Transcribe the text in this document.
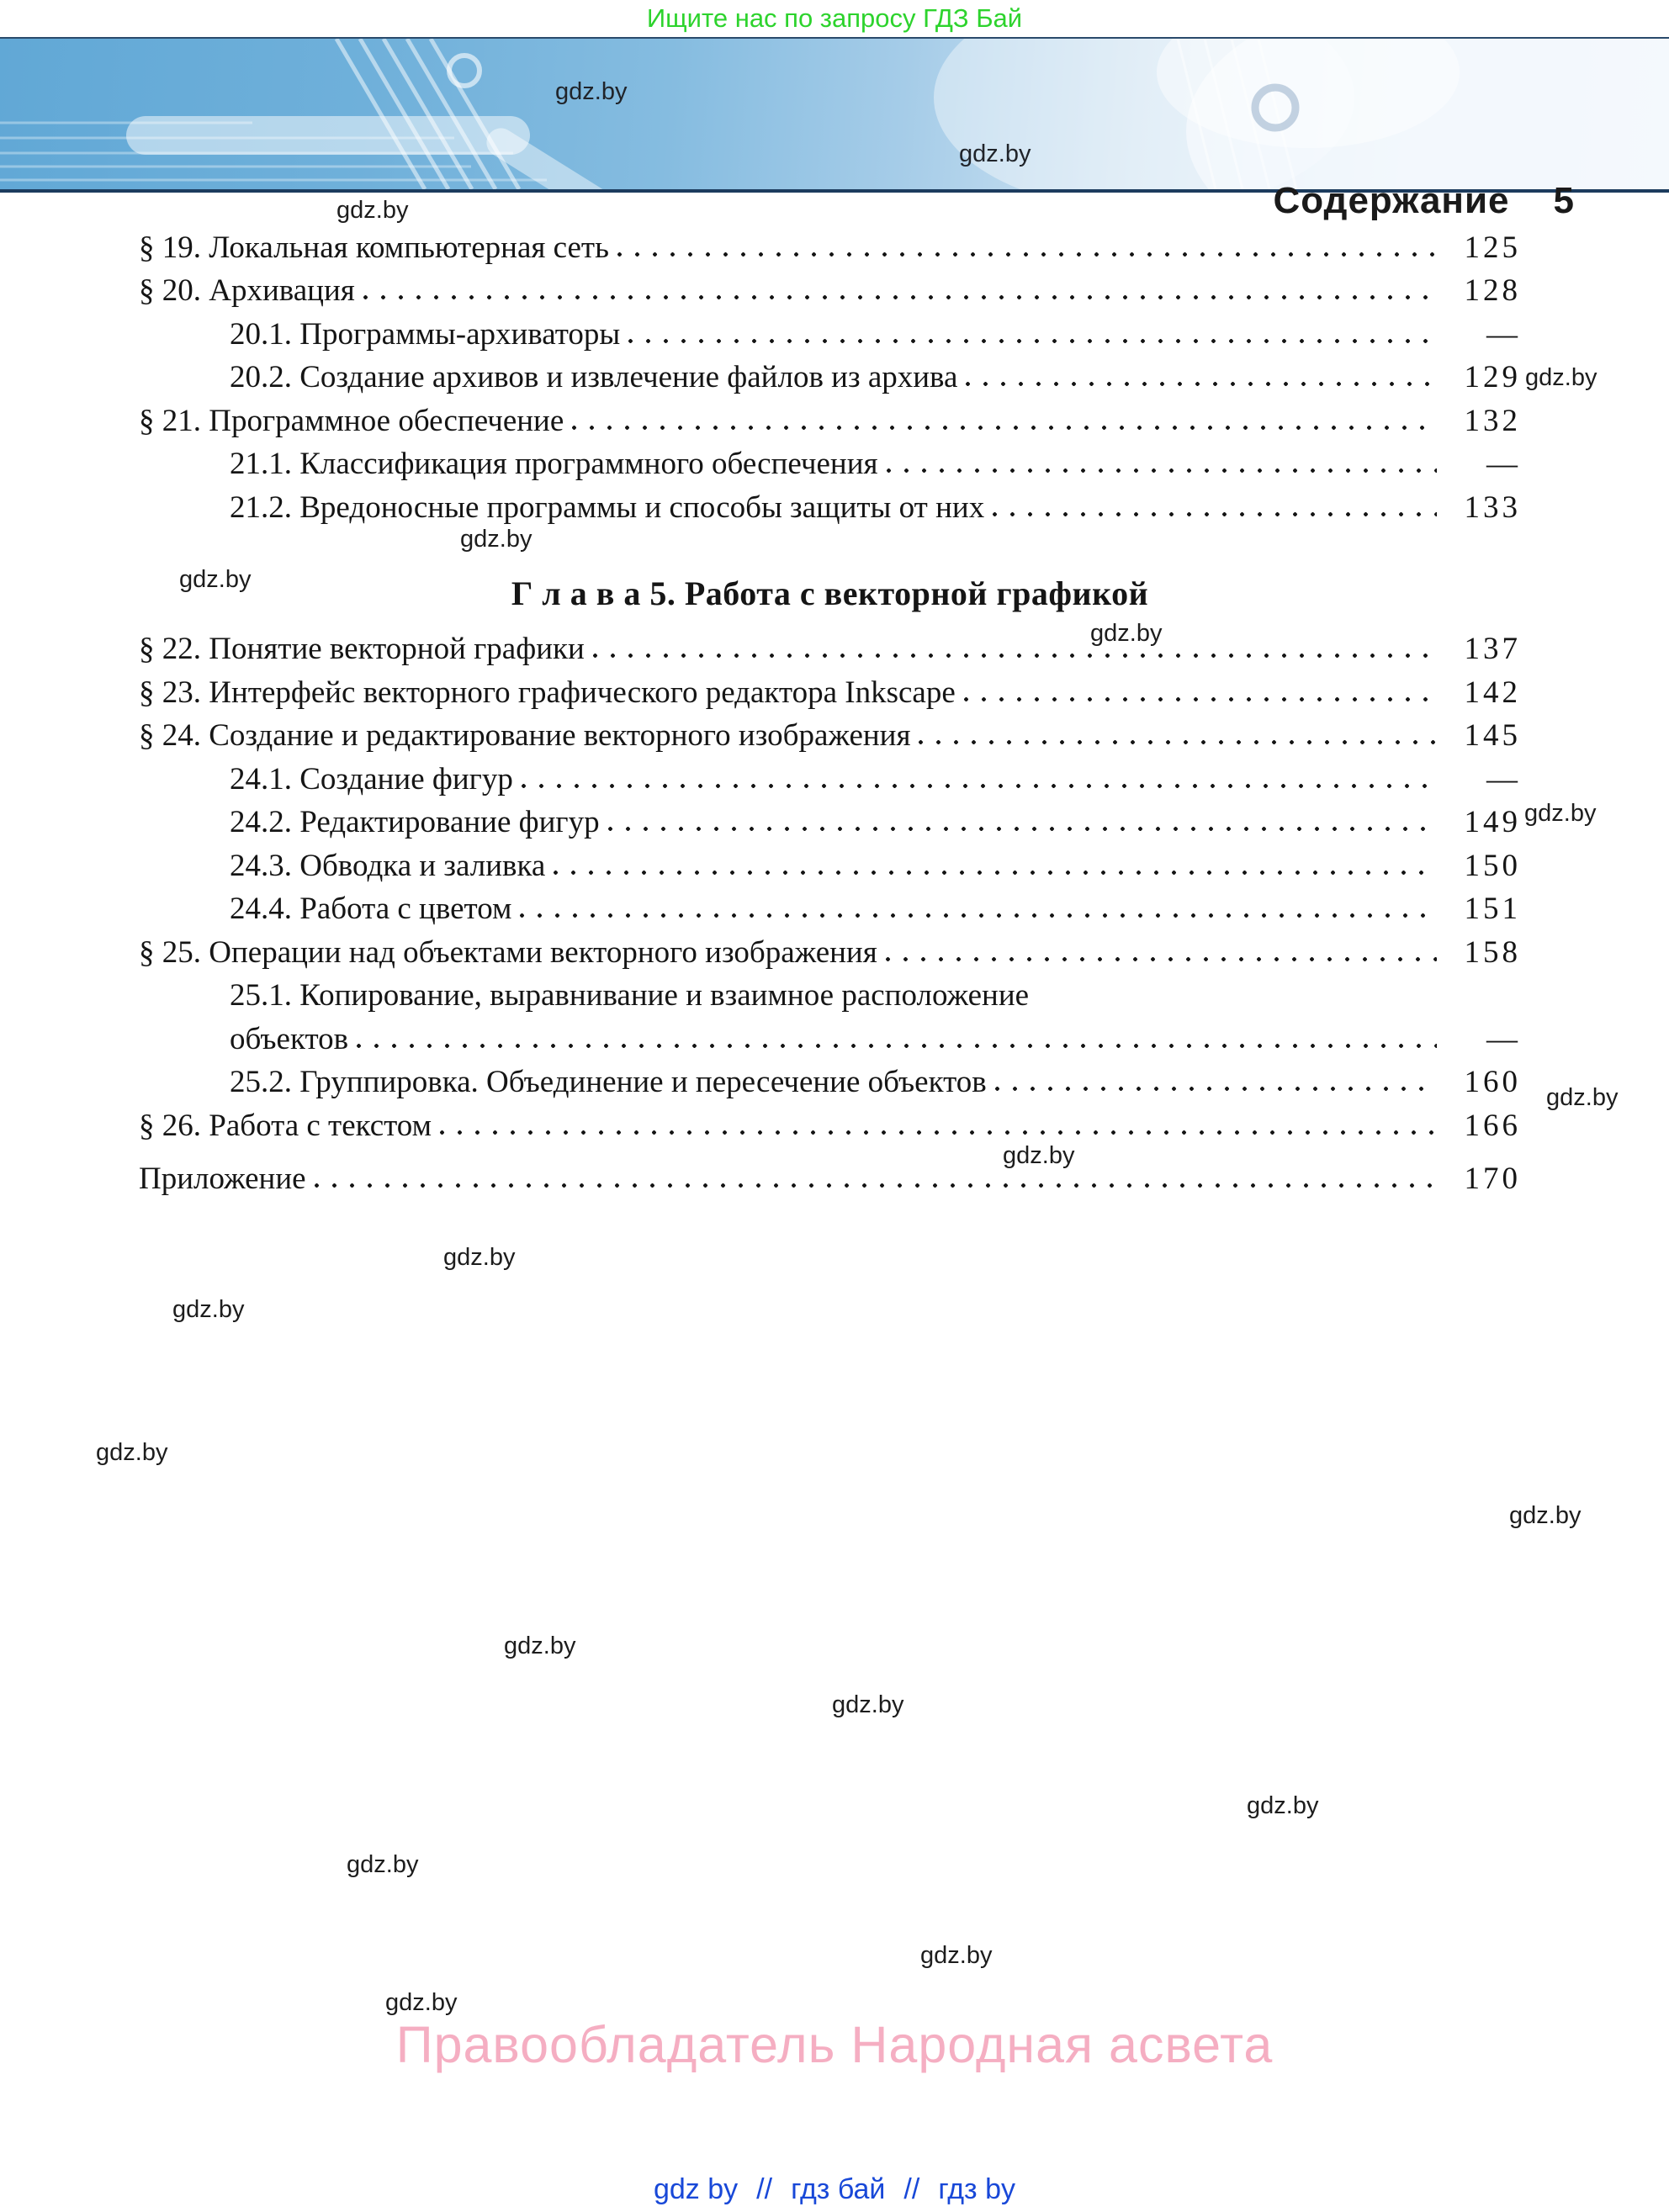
Ищите нас по запросу ГДЗ Бай
Содержание 5
gdz.by
gdz.by
gdz.by
gdz.by
gdz.by
gdz.by
gdz.by
gdz.by
gdz.by
gdz.by
gdz.by
gdz.by
gdz.by
gdz.by
gdz.by
gdz.by
gdz.by
gdz.by
gdz.by
gdz.by
§ 19. Локальная компьютерная сеть	125
§ 20. Архивация	128
20.1. Программы-архиваторы	—
20.2. Создание архивов и извлечение файлов из архива	129
§ 21. Программное обеспечение	132
21.1. Классификация программного обеспечения	—
21.2. Вредоносные программы и способы защиты от них	133
Г л а в а 5. Работа с векторной графикой
§ 22. Понятие векторной графики	137
§ 23. Интерфейс векторного графического редактора Inkscape	142
§ 24. Создание и редактирование векторного изображения	145
24.1. Создание фигур	—
24.2. Редактирование фигур	149
24.3. Обводка и заливка	150
24.4. Работа с цветом	151
§ 25. Операции над объектами векторного изображения	158
25.1. Копирование, выравнивание и взаимное расположение
объектов	—
25.2. Группировка. Объединение и пересечение объектов	160
§ 26. Работа с текстом	166
Приложение	170
Правообладатель Народная асвета
gdz by // гдз бай // гдз by
